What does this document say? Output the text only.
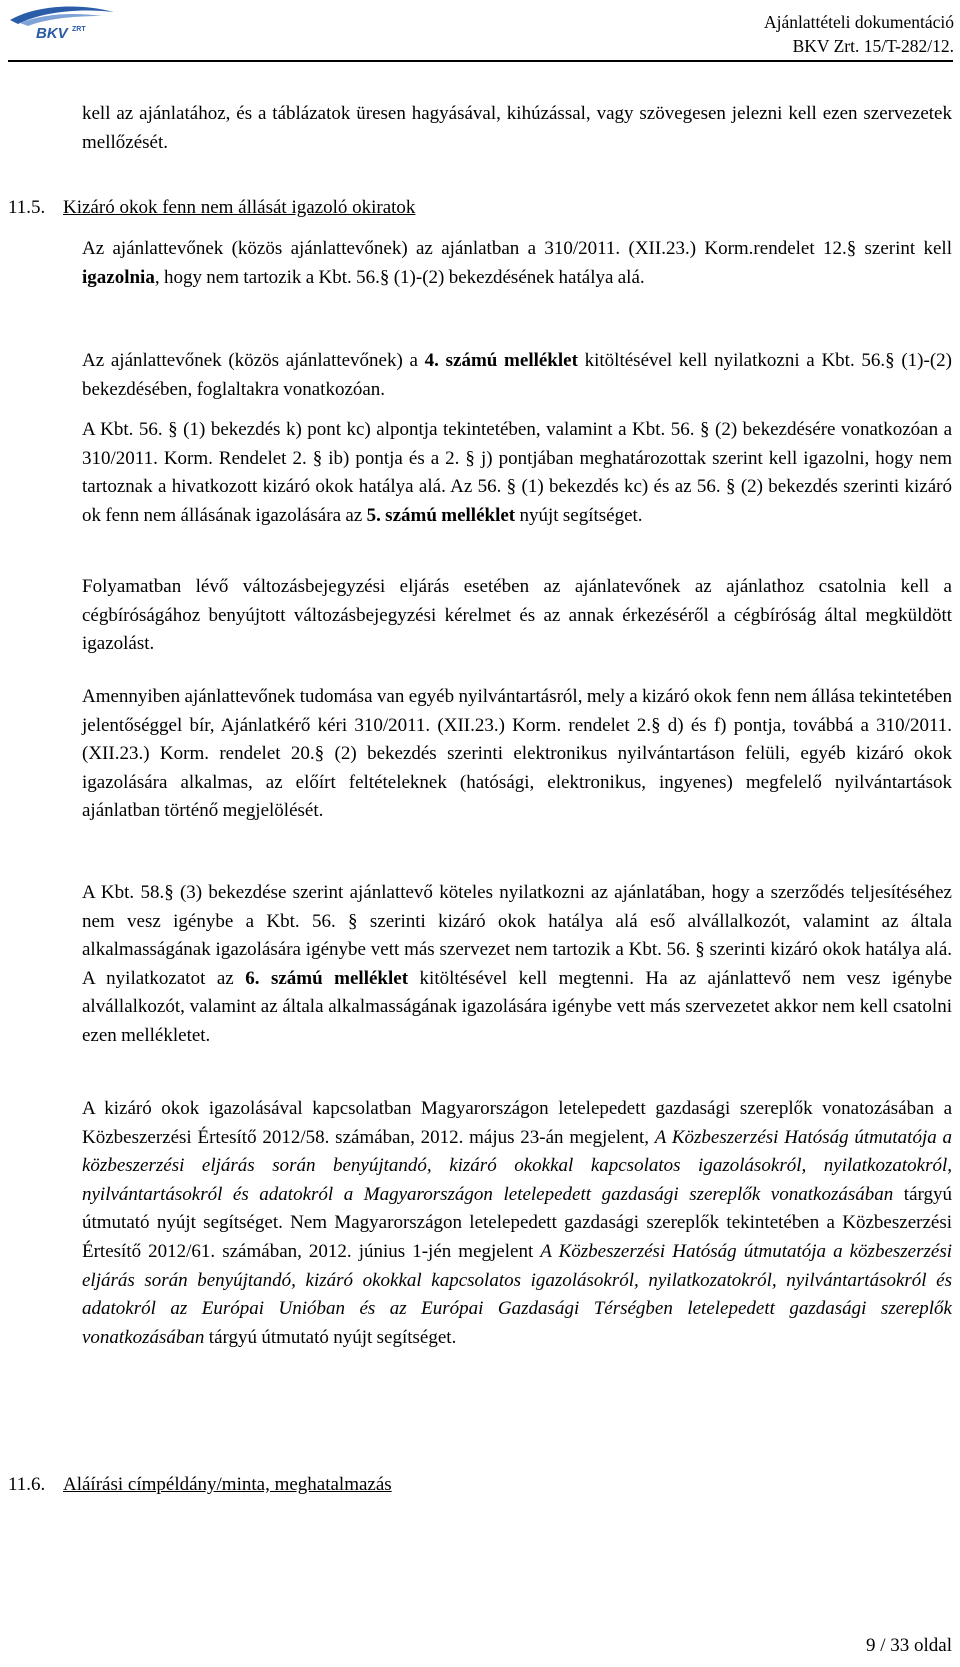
BKV ZRT	Ajánlattételi dokumentáció
BKV Zrt. 15/T-282/12.
kell az ajánlatához, és a táblázatok üresen hagyásával, kihúzással, vagy szövegesen jelezni kell ezen szervezetek mellőzését.
11.5. Kizáró okok fenn nem állását igazoló okiratok
Az ajánlattevőnek (közös ajánlattevőnek) az ajánlatban a 310/2011. (XII.23.) Korm.rendelet 12.§ szerint kell igazolnia, hogy nem tartozik a Kbt. 56.§ (1)-(2) bekezdésének hatálya alá.
Az ajánlattevőnek (közös ajánlattevőnek) a 4. számú melléklet kitöltésével kell nyilatkozni a Kbt. 56.§ (1)-(2) bekezdésében, foglaltakra vonatkozóan.
A Kbt. 56. § (1) bekezdés k) pont kc) alpontja tekintetében, valamint a Kbt. 56. § (2) bekezdésére vonatkozóan a 310/2011. Korm. Rendelet 2. § ib) pontja és a 2. § j) pontjában meghatározottak szerint kell igazolni, hogy nem tartoznak a hivatkozott kizáró okok hatálya alá. Az 56. § (1) bekezdés kc) és az 56. § (2) bekezdés szerinti kizáró ok fenn nem állásának igazolására az 5. számú melléklet nyújt segítséget.
Folyamatban lévő változásbejegyzési eljárás esetében az ajánlatevőnek az ajánlathoz csatolnia kell a cégbíróságához benyújtott változásbejegyzési kérelmet és az annak érkezéséről a cégbíróság által megküldött igazolást.
Amennyiben ajánlattevőnek tudomása van egyéb nyilvántartásról, mely a kizáró okok fenn nem állása tekintetében jelentőséggel bír, Ajánlatkérő kéri 310/2011. (XII.23.) Korm. rendelet 2.§ d) és f) pontja, továbbá a 310/2011. (XII.23.) Korm. rendelet 20.§ (2) bekezdés szerinti elektronikus nyilvántartáson felüli, egyéb kizáró okok igazolására alkalmas, az előírt feltételeknek (hatósági, elektronikus, ingyenes) megfelelő nyilvántartások ajánlatban történő megjelölését.
A Kbt. 58.§ (3) bekezdése szerint ajánlattevő köteles nyilatkozni az ajánlatában, hogy a szerződés teljesítéséhez nem vesz igénybe a Kbt. 56. § szerinti kizáró okok hatálya alá eső alvállalkozót, valamint az általa alkalmasságának igazolására igénybe vett más szervezet nem tartozik a Kbt. 56. § szerinti kizáró okok hatálya alá. A nyilatkozatot az 6. számú melléklet kitöltésével kell megtenni. Ha az ajánlattevő nem vesz igénybe alvállalkozót, valamint az általa alkalmasságának igazolására igénybe vett más szervezetet akkor nem kell csatolni ezen mellékletet.
A kizáró okok igazolásával kapcsolatban Magyarországon letelepedett gazdasági szereplők vonatozásában a Közbeszerzési Értesítő 2012/58. számában, 2012. május 23-án megjelent, A Közbeszerzési Hatóság útmutatója a közbeszerzési eljárás során benyújtandó, kizáró okokkal kapcsolatos igazolásokról, nyilatkozatokról, nyilvántartásokról és adatokról a Magyarországon letelepedett gazdasági szereplők vonatkozásában tárgyú útmutató nyújt segítséget. Nem Magyarországon letelepedett gazdasági szereplők tekintetében a Közbeszerzési Értesítő 2012/61. számában, 2012. június 1-jén megjelent A Közbeszerzési Hatóság útmutatója a közbeszerzési eljárás során benyújtandó, kizáró okokkal kapcsolatos igazolásokról, nyilatkozatokról, nyilvántartásokról és adatokról az Európai Unióban és az Európai Gazdasági Térségben letelepedett gazdasági szereplők vonatkozásában tárgyú útmutató nyújt segítséget.
11.6. Aláírási címpéldány/minta, meghatalmazás
9 / 33 oldal
